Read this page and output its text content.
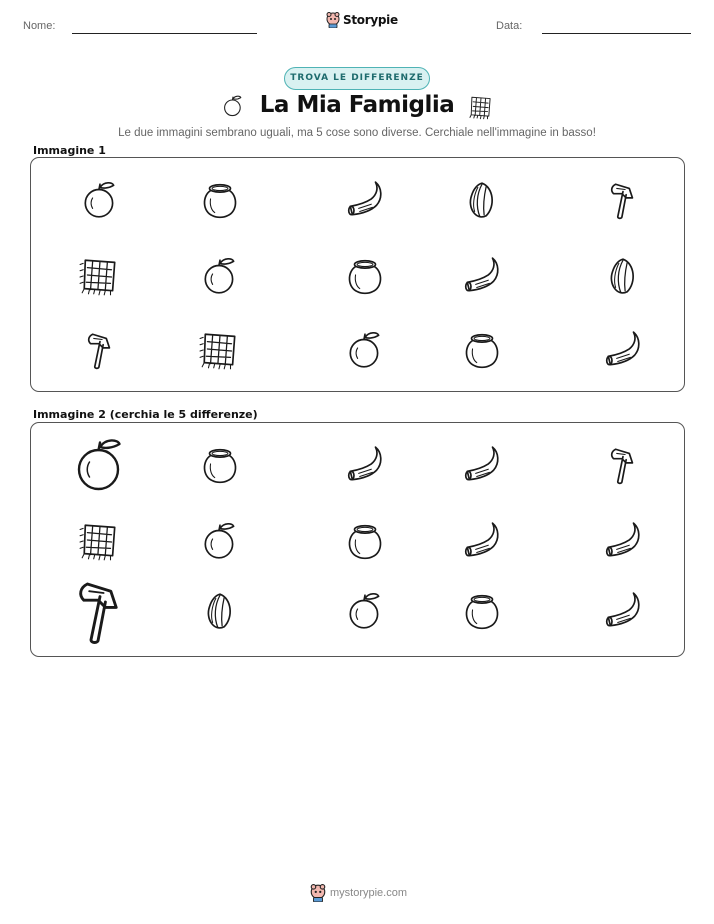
Nome:	Storypie	Data:
TROVA LE DIFFERENZE
La Mia Famiglia

Le due immagini sembrano uguali, ma 5 cose sono diverse. Cerchiale nell'immagine in basso!

Immagine 1
Immagine 2 (cerchia le 5 differenze)
mystorypie.com
